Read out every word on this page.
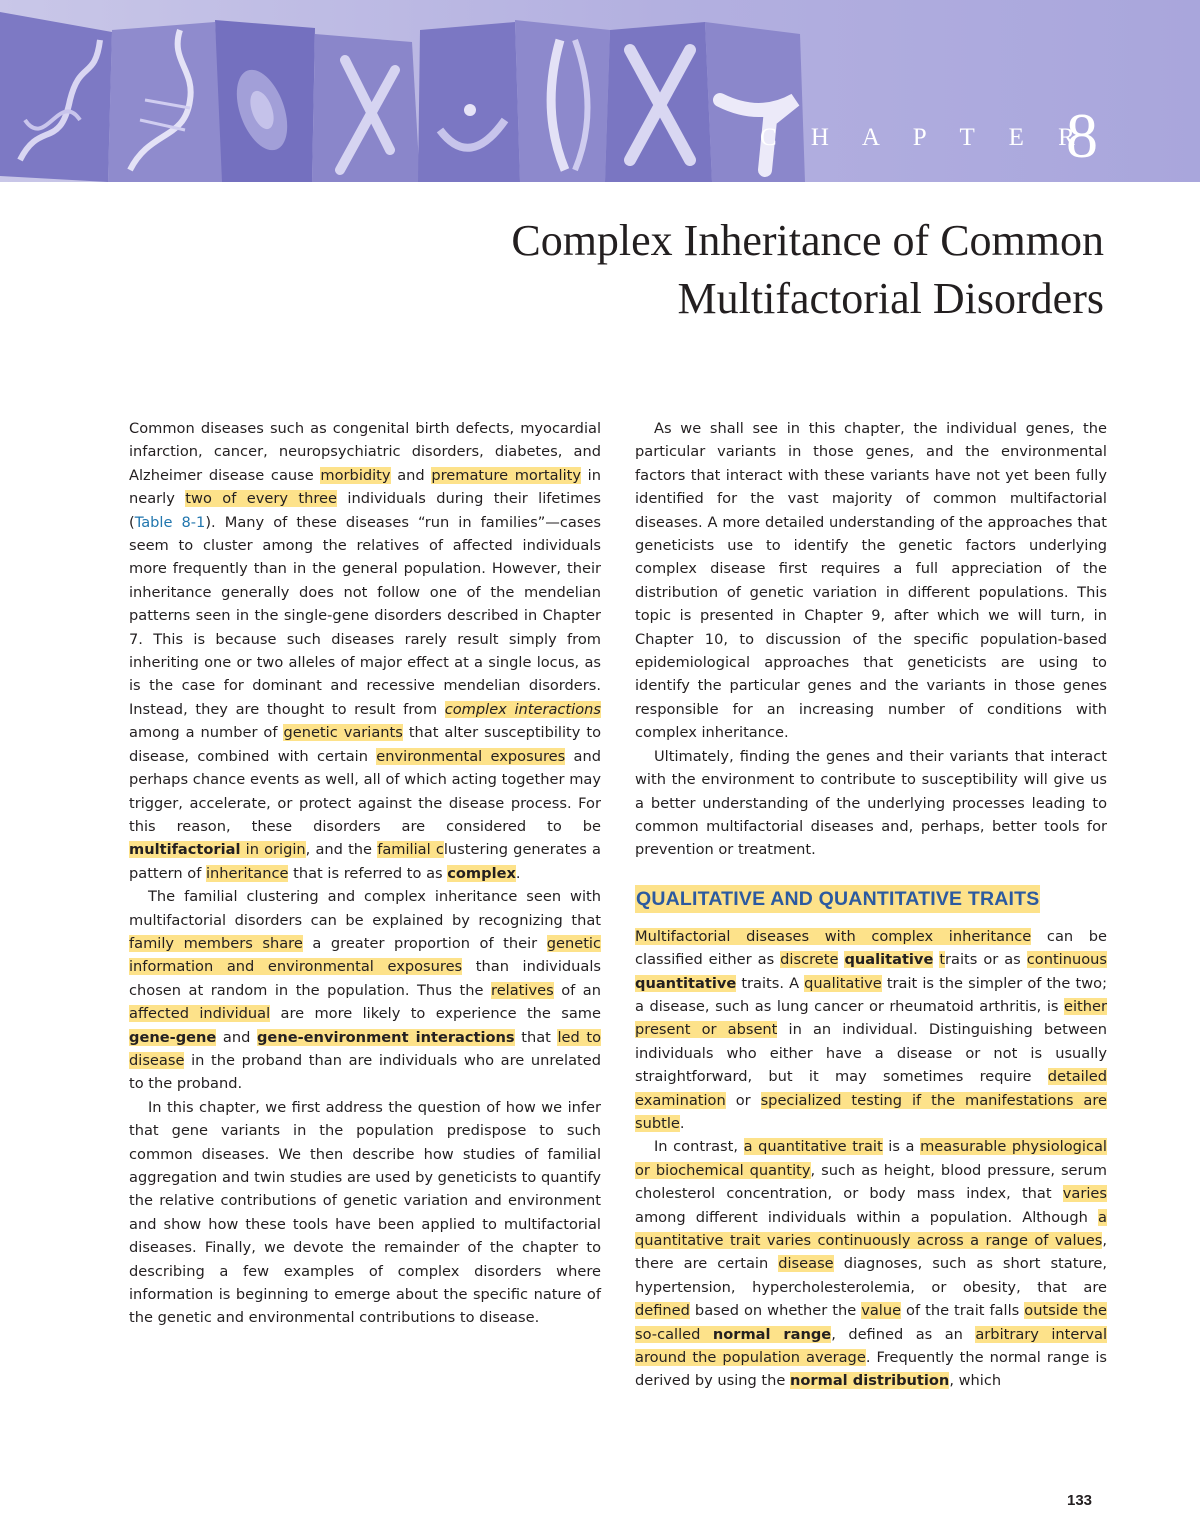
C H A P T E R
8
Complex Inheritance of Common
Multifactorial Disorders

Common diseases such as congenital birth defects, myocardial infarction, cancer, neuropsychiatric disorders, diabetes, and Alzheimer disease cause morbidity and premature mortality in nearly two of every three individuals during their lifetimes (Table 8-1). Many of these diseases “run in families”—cases seem to cluster among the relatives of affected individuals more frequently than in the general population. However, their inheritance generally does not follow one of the mendelian patterns seen in the single-gene disorders described in Chapter 7. This is because such diseases rarely result simply from inheriting one or two alleles of major effect at a single locus, as is the case for dominant and recessive mendelian disorders. Instead, they are thought to result from complex interactions among a number of genetic variants that alter susceptibility to disease, combined with certain environmental exposures and perhaps chance events as well, all of which acting together may trigger, accelerate, or protect against the disease process. For this reason, these disorders are considered to be multifactorial in origin, and the familial clustering generates a pattern of inheritance that is referred to as complex.

The familial clustering and complex inheritance seen with multifactorial disorders can be explained by recognizing that family members share a greater proportion of their genetic information and environmental exposures than individuals chosen at random in the population. Thus the relatives of an affected individual are more likely to experience the same gene-gene and gene-environment interactions that led to disease in the proband than are individuals who are unrelated to the proband.

In this chapter, we first address the question of how we infer that gene variants in the population predispose to such common diseases. We then describe how studies of familial aggregation and twin studies are used by geneticists to quantify the relative contributions of genetic variation and environment and show how these tools have been applied to multifactorial diseases. Finally, we devote the remainder of the chapter to describing a few examples of complex disorders where information is beginning to emerge about the specific nature of the genetic and environmental contributions to disease.

As we shall see in this chapter, the individual genes, the particular variants in those genes, and the environmental factors that interact with these variants have not yet been fully identified for the vast majority of common multifactorial diseases. A more detailed understanding of the approaches that geneticists use to identify the genetic factors underlying complex disease first requires a full appreciation of the distribution of genetic variation in different populations. This topic is presented in Chapter 9, after which we will turn, in Chapter 10, to discussion of the specific population-based epidemiological approaches that geneticists are using to identify the particular genes and the variants in those genes responsible for an increasing number of conditions with complex inheritance.

Ultimately, finding the genes and their variants that interact with the environment to contribute to susceptibility will give us a better understanding of the underlying processes leading to common multifactorial diseases and, perhaps, better tools for prevention or treatment.

QUALITATIVE AND QUANTITATIVE TRAITS

Multifactorial diseases with complex inheritance can be classified either as discrete qualitative traits or as continuous quantitative traits. A qualitative trait is the simpler of the two; a disease, such as lung cancer or rheumatoid arthritis, is either present or absent in an individual. Distinguishing between individuals who either have a disease or not is usually straightforward, but it may sometimes require detailed examination or specialized testing if the manifestations are subtle.

In contrast, a quantitative trait is a measurable physiological or biochemical quantity, such as height, blood pressure, serum cholesterol concentration, or body mass index, that varies among different individuals within a population. Although a quantitative trait varies continuously across a range of values, there are certain disease diagnoses, such as short stature, hypertension, hypercholesterolemia, or obesity, that are defined based on whether the value of the trait falls outside the so-called normal range, defined as an arbitrary interval around the population average. Frequently the normal range is derived by using the normal distribution, which

133
